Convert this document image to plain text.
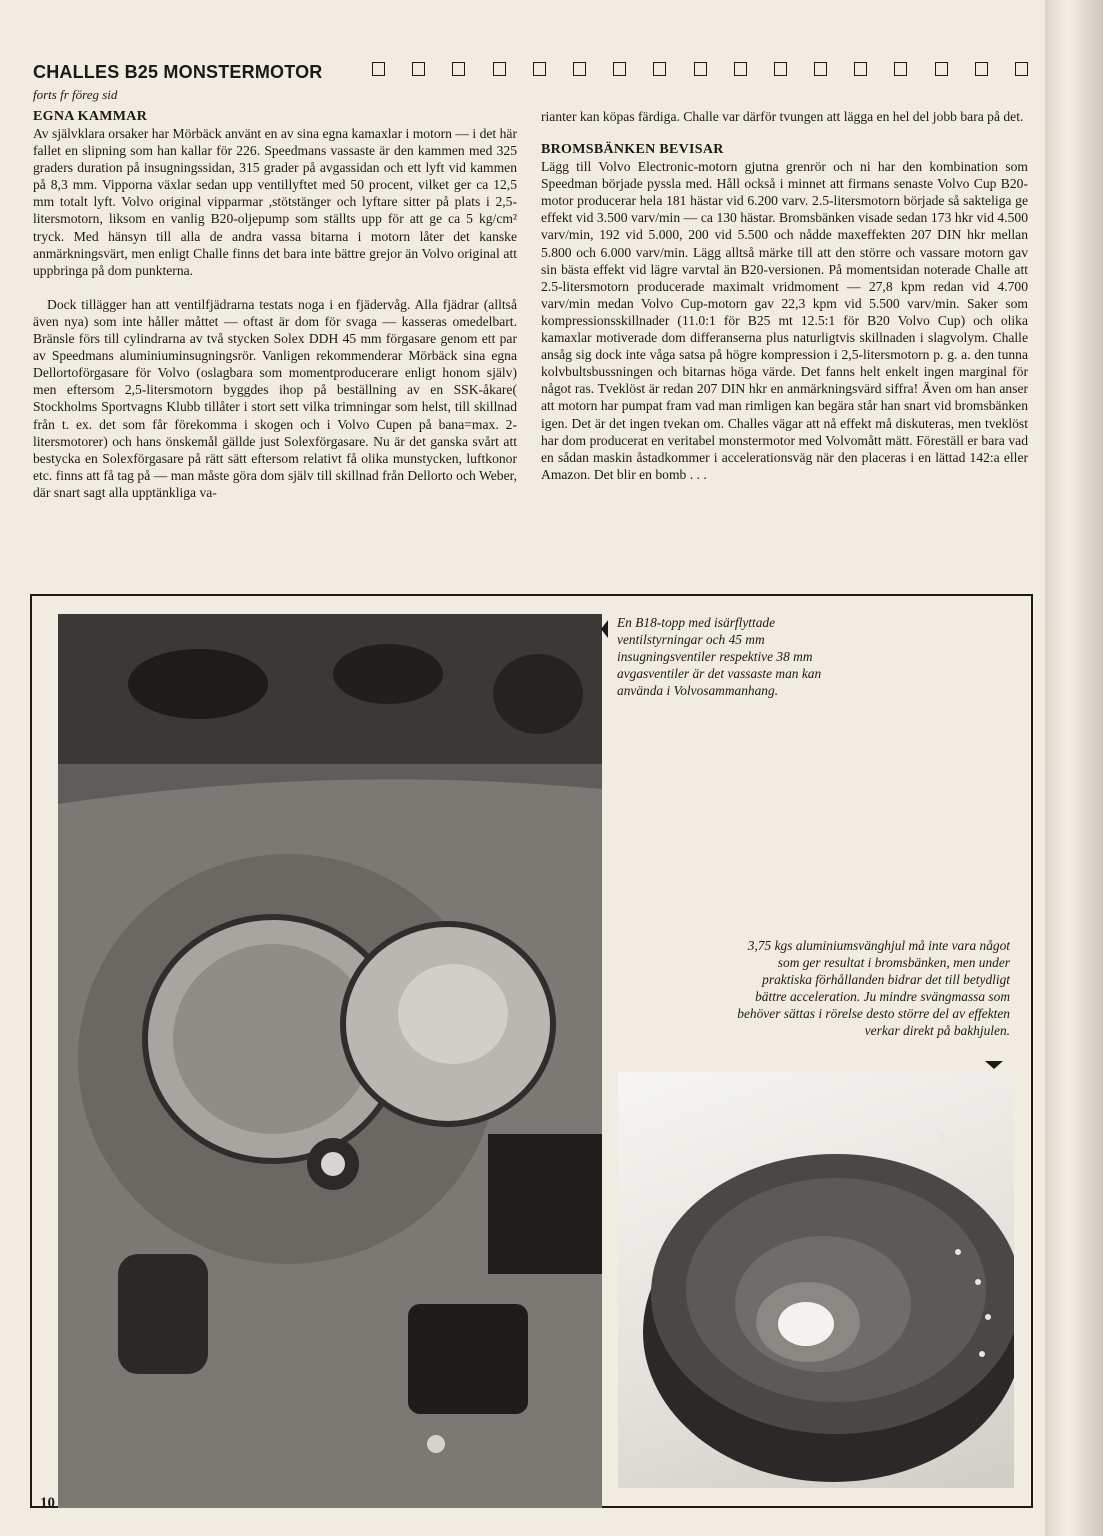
CHALLES B25 MONSTERMOTOR
forts fr föreg sid
EGNA KAMMAR

Av självklara orsaker har Mörbäck använt en av sina egna kamaxlar i motorn — i det här fallet en slipning som han kallar för 226. Speedmans vassaste är den kammen med 325 graders duration på insugningssidan, 315 grader på avgassidan och ett lyft vid kammen på 8,3 mm. Vipporna växlar sedan upp ventillyftet med 50 procent, vilket ger ca 12,5 mm totalt lyft. Volvo original vipparmar ,stötstänger och lyftare sitter på plats i 2,5-litersmotorn, liksom en vanlig B20-oljepump som ställts upp för att ge ca 5 kg/cm² tryck. Med hänsyn till alla de andra vassa bitarna i motorn låter det kanske anmärkningsvärt, men enligt Challe finns det bara inte bättre grejor än Volvo original att uppbringa på dom punkterna.

Dock tillägger han att ventilfjädrarna testats noga i en fjädervåg. Alla fjädrar (alltså även nya) som inte håller måttet — oftast är dom för svaga — kasseras omedelbart. Bränsle förs till cylindrarna av två stycken Solex DDH 45 mm förgasare genom ett par av Speedmans aluminiuminsugningsrör. Vanligen rekommenderar Mörbäck sina egna Dellortoförgasare för Volvo (oslagbara som momentproducerare enligt honom själv) men eftersom 2,5-litersmotorn byggdes ihop på beställning av en SSK-åkare( Stockholms Sportvagns Klubb tillåter i stort sett vilka trimningar som helst, till skillnad från t. ex. det som får förekomma i skogen och i Volvo Cupen på bana=max. 2-litersmotorer) och hans önskemål gällde just Solexförgasare. Nu är det ganska svårt att bestycka en Solexförgasare på rätt sätt eftersom relativt få olika munstycken, luftkonor etc. finns att få tag på — man måste göra dom själv till skillnad från Dellorto och Weber, där snart sagt alla upptänkliga va-

rianter kan köpas färdiga. Challe var därför tvungen att lägga en hel del jobb bara på det.

BROMSBÄNKEN BEVISAR

Lägg till Volvo Electronic-motorn gjutna grenrör och ni har den kombination som Speedman började pyssla med. Håll också i minnet att firmans senaste Volvo Cup B20-motor producerar hela 181 hästar vid 6.200 varv. 2.5-litersmotorn började så sakteliga ge effekt vid 3.500 varv/min — ca 130 hästar. Bromsbänken visade sedan 173 hkr vid 4.500 varv/min, 192 vid 5.000, 200 vid 5.500 och nådde maxeffekten 207 DIN hkr mellan 5.800 och 6.000 varv/min. Lägg alltså märke till att den större och vassare motorn gav sin bästa effekt vid lägre varvtal än B20-versionen. På momentsidan noterade Challe att 2.5-litersmotorn producerade maximalt vridmoment — 27,8 kpm redan vid 4.700 varv/min medan Volvo Cup-motorn gav 22,3 kpm vid 5.500 varv/min. Saker som kompressionsskillnader (11.0:1 för B25 mt 12.5:1 för B20 Volvo Cup) och olika kamaxlar motiverade dom differanserna plus naturligtvis skillnaden i slagvolym. Challe ansåg sig dock inte våga satsa på högre kompression i 2,5-litersmotorn p. g. a. den tunna kolvbultsbussningen och bitarnas höga värde. Det fanns helt enkelt ingen marginal för något ras. Tveklöst är redan 207 DIN hkr en anmärkningsvärd siffra! Även om han anser att motorn har pumpat fram vad man rimligen kan begära står han snart vid bromsbänken igen. Det är det ingen tvekan om. Challes vägar att nå effekt må diskuteras, men tveklöst har dom producerat en veritabel monstermotor med Volvomått mätt. Föreställ er bara vad en sådan maskin åstadkommer i accelerationsväg när den placeras i en lättad 142:a eller Amazon. Det blir en bomb . . .

En B18-topp med isärflyttade ventilstyrningar och 45 mm insugningsventiler respektive 38 mm avgasventiler är det vassaste man kan använda i Volvosammanhang.
3,75 kgs aluminiumsvänghjul må inte vara något som ger resultat i bromsbänken, men under praktiska förhållanden bidrar det till betydligt bättre acceleration. Ju mindre svängmassa som behöver sättas i rörelse desto större del av effekten verkar direkt på bakhjulen.
10
